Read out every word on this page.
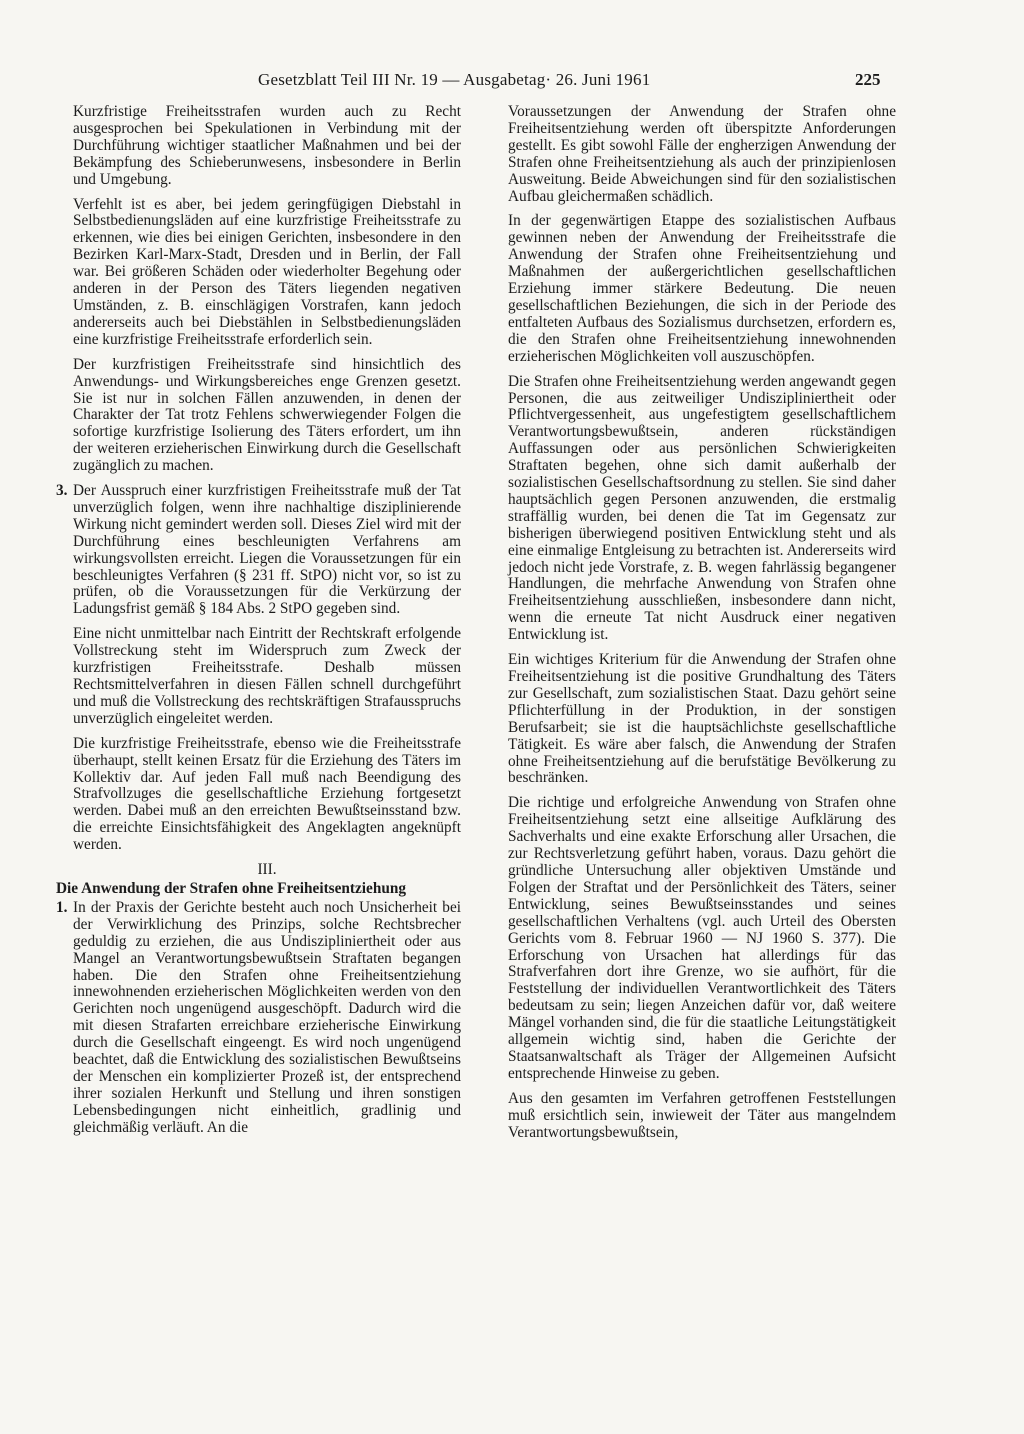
Gesetzblatt Teil III Nr. 19 — Ausgabetag· 26. Juni 1961	225

Kurzfristige Freiheitsstrafen wurden auch zu Recht ausgesprochen bei Spekulationen in Verbindung mit der Durchführung wichtiger staatlicher Maßnahmen und bei der Bekämpfung des Schieberunwesens, insbesondere in Berlin und Umgebung.

Verfehlt ist es aber, bei jedem geringfügigen Diebstahl in Selbstbedienungsläden auf eine kurzfristige Freiheitsstrafe zu erkennen, wie dies bei einigen Gerichten, insbesondere in den Bezirken Karl-Marx-Stadt, Dresden und in Berlin, der Fall war. Bei größeren Schäden oder wiederholter Begehung oder anderen in der Person des Täters liegenden negativen Umständen, z. B. einschlägigen Vorstrafen, kann jedoch andererseits auch bei Diebstählen in Selbstbedienungsläden eine kurzfristige Freiheitsstrafe erforderlich sein.

Der kurzfristigen Freiheitsstrafe sind hinsichtlich des Anwendungs- und Wirkungsbereiches enge Grenzen gesetzt. Sie ist nur in solchen Fällen anzuwenden, in denen der Charakter der Tat trotz Fehlens schwerwiegender Folgen die sofortige kurzfristige Isolierung des Täters erfordert, um ihn der weiteren erzieherischen Einwirkung durch die Gesellschaft zugänglich zu machen.

3. Der Ausspruch einer kurzfristigen Freiheitsstrafe muß der Tat unverzüglich folgen, wenn ihre nachhaltige disziplinierende Wirkung nicht gemindert werden soll. Dieses Ziel wird mit der Durchführung eines beschleunigten Verfahrens am wirkungsvollsten erreicht. Liegen die Voraussetzungen für ein beschleunigtes Verfahren (§ 231 ff. StPO) nicht vor, so ist zu prüfen, ob die Voraussetzungen für die Verkürzung der Ladungsfrist gemäß § 184 Abs. 2 StPO gegeben sind.

Eine nicht unmittelbar nach Eintritt der Rechtskraft erfolgende Vollstreckung steht im Widerspruch zum Zweck der kurzfristigen Freiheitsstrafe. Deshalb müssen Rechtsmittelverfahren in diesen Fällen schnell durchgeführt und muß die Vollstreckung des rechtskräftigen Strafausspruchs unverzüglich eingeleitet werden.

Die kurzfristige Freiheitsstrafe, ebenso wie die Freiheitsstrafe überhaupt, stellt keinen Ersatz für die Erziehung des Täters im Kollektiv dar. Auf jeden Fall muß nach Beendigung des Strafvollzuges die gesellschaftliche Erziehung fortgesetzt werden. Dabei muß an den erreichten Bewußtseinsstand bzw. die erreichte Einsichtsfähigkeit des Angeklagten angeknüpft werden.

III.

Die Anwendung der Strafen ohne Freiheitsentziehung

1. In der Praxis der Gerichte besteht auch noch Unsicherheit bei der Verwirklichung des Prinzips, solche Rechtsbrecher geduldig zu erziehen, die aus Undiszipliniertheit oder aus Mangel an Verantwortungsbewußtsein Straftaten begangen haben. Die den Strafen ohne Freiheitsentziehung innewohnenden erzieherischen Möglichkeiten werden von den Gerichten noch ungenügend ausgeschöpft. Dadurch wird die mit diesen Strafarten erreichbare erzieherische Einwirkung durch die Gesellschaft eingeengt. Es wird noch ungenügend beachtet, daß die Entwicklung des sozialistischen Bewußtseins der Menschen ein komplizierter Prozeß ist, der entsprechend ihrer sozialen Herkunft und Stellung und ihren sonstigen Lebensbedingungen nicht einheitlich, gradlinig und gleichmäßig verläuft. An die

Voraussetzungen der Anwendung der Strafen ohne Freiheitsentziehung werden oft überspitzte Anforderungen gestellt. Es gibt sowohl Fälle der engherzigen Anwendung der Strafen ohne Freiheitsentziehung als auch der prinzipienlosen Ausweitung. Beide Abweichungen sind für den sozialistischen Aufbau gleichermaßen schädlich.

In der gegenwärtigen Etappe des sozialistischen Aufbaus gewinnen neben der Anwendung der Freiheitsstrafe die Anwendung der Strafen ohne Freiheitsentziehung und Maßnahmen der außergerichtlichen gesellschaftlichen Erziehung immer stärkere Bedeutung. Die neuen gesellschaftlichen Beziehungen, die sich in der Periode des entfalteten Aufbaus des Sozialismus durchsetzen, erfordern es, die den Strafen ohne Freiheitsentziehung innewohnenden erzieherischen Möglichkeiten voll auszuschöpfen.

Die Strafen ohne Freiheitsentziehung werden angewandt gegen Personen, die aus zeitweiliger Undiszipliniertheit oder Pflichtvergessenheit, aus ungefestigtem gesellschaftlichem Verantwortungsbewußtsein, anderen rückständigen Auffassungen oder aus persönlichen Schwierigkeiten Straftaten begehen, ohne sich damit außerhalb der sozialistischen Gesellschaftsordnung zu stellen. Sie sind daher hauptsächlich gegen Personen anzuwenden, die erstmalig straffällig wurden, bei denen die Tat im Gegensatz zur bisherigen überwiegend positiven Entwicklung steht und als eine einmalige Entgleisung zu betrachten ist. Andererseits wird jedoch nicht jede Vorstrafe, z. B. wegen fahrlässig begangener Handlungen, die mehrfache Anwendung von Strafen ohne Freiheitsentziehung ausschließen, insbesondere dann nicht, wenn die erneute Tat nicht Ausdruck einer negativen Entwicklung ist.

Ein wichtiges Kriterium für die Anwendung der Strafen ohne Freiheitsentziehung ist die positive Grundhaltung des Täters zur Gesellschaft, zum sozialistischen Staat. Dazu gehört seine Pflichterfüllung in der Produktion, in der sonstigen Berufsarbeit; sie ist die hauptsächlichste gesellschaftliche Tätigkeit. Es wäre aber falsch, die Anwendung der Strafen ohne Freiheitsentziehung auf die berufstätige Bevölkerung zu beschränken.

Die richtige und erfolgreiche Anwendung von Strafen ohne Freiheitsentziehung setzt eine allseitige Aufklärung des Sachverhalts und eine exakte Erforschung aller Ursachen, die zur Rechtsverletzung geführt haben, voraus. Dazu gehört die gründliche Untersuchung aller objektiven Umstände und Folgen der Straftat und der Persönlichkeit des Täters, seiner Entwicklung, seines Bewußtseinsstandes und seines gesellschaftlichen Verhaltens (vgl. auch Urteil des Obersten Gerichts vom 8. Februar 1960 — NJ 1960 S. 377). Die Erforschung von Ursachen hat allerdings für das Strafverfahren dort ihre Grenze, wo sie aufhört, für die Feststellung der individuellen Verantwortlichkeit des Täters bedeutsam zu sein; liegen Anzeichen dafür vor, daß weitere Mängel vorhanden sind, die für die staatliche Leitungstätigkeit allgemein wichtig sind, haben die Gerichte der Staatsanwaltschaft als Träger der Allgemeinen Aufsicht entsprechende Hinweise zu geben.

Aus den gesamten im Verfahren getroffenen Feststellungen muß ersichtlich sein, inwieweit der Täter aus mangelndem Verantwortungsbewußtsein,
